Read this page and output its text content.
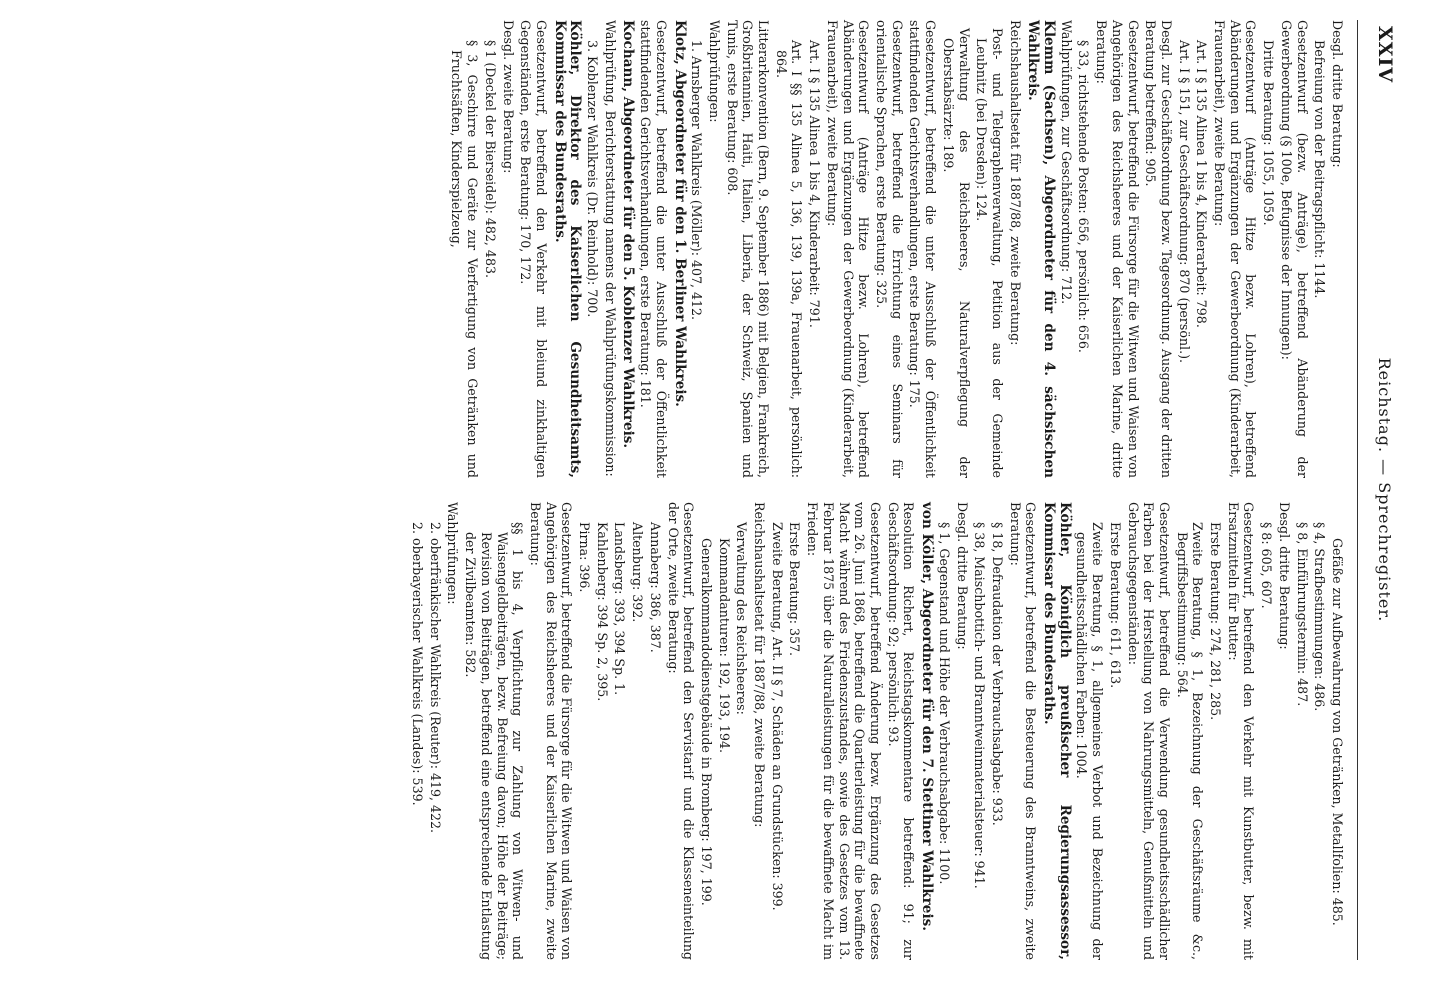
XXIV
Reichstag. — Sprechregister.
Desgl. dritte Beratung:
Befreiung von der Beitragspflicht: 1144.
Gesetzentwurf (bezw. Anträge), betreffend Abänderung der Gewerbeordnung (§ 100e, Befugnisse der Innungen):
Dritte Beratung: 1055, 1059.
Gesetzentwurf (Anträge Hitze bezw. Lohren), betreffend Abänderungen und Ergänzungen der Gewerbeordnung (Kinderarbeit, Frauenarbeit), zweite Beratung:
Art. I § 135 Alinea 1 bis 4, Kinderarbeit: 798.
Art. I § 151, zur Geschäftsordnung: 870 (persönl.).
Desgl. zur Geschäftsordnung bezw. Tagesordnung. Ausgang der dritten Beratung betreffend: 905.
Gesetzentwurf, betreffend die Fürsorge für die Witwen und Waisen von Angehörigen des Reichsheeres und der Kaiserlichen Marine, dritte Beratung:
§ 33, richtstehende Posten: 656, persönlich: 656.
Wahlprüfungen, zur Geschäftsordnung: 712.
Klemm (Sachsen), Abgeordneter für den 4. sächsischen Wahlkreis.
Reichshaushaltsetat für 1887/88, zweite Beratung:
Post- und Telegraphenverwaltung, Petition aus der Gemeinde Leubnitz (bei Dresden): 124.
Verwaltung des Reichsheeres, Naturalverpflegung der Oberstabsärzte: 189.
Gesetzentwurf, betreffend die unter Ausschluß der Öffentlichkeit stattfindenden Gerichtsverhandlungen, erste Beratung: 175.
Gesetzentwurf, betreffend die Errichtung eines Seminars für orientalische Sprachen, erste Beratung: 325.
Gesetzentwurf (Anträge Hitze bezw. Lohren), betreffend Abänderungen und Ergänzungen der Gewerbeordnung (Kinderarbeit, Frauenarbeit), zweite Beratung:
Art. I § 135 Alinea 1 bis 4, Kinderarbeit: 791.
Art. I §§ 135 Alinea 5, 136, 139, 139a, Frauenarbeit, persönlich: 864.
Litterarkonvention (Bern, 9. September 1886) mit Belgien, Frankreich, Großbritannien, Haiti, Italien, Liberia, der Schweiz, Spanien und Tunis, erste Beratung: 608.
Wahlprüfungen:
1. Arnsberger Wahlkreis (Möller): 407, 412.
Klotz, Abgeordneter für den 1. Berliner Wahlkreis.
Gesetzentwurf, betreffend die unter Ausschluß der Öffentlichkeit stattfindenden Gerichtsverhandlungen, erste Beratung: 181.
Kochann, Abgeordneter für den 5. Koblenzer Wahlkreis.
Wahlprüfung, Berichterstattung namens der Wahlprüfungskommission:
3. Koblenzer Wahlkreis (Dr. Reinhold): 700.
Köhler, Direktor des Kaiserlichen Gesundheitsamts, Kommissar des Bundesraths.
Gesetzentwurf, betreffend den Verkehr mit bleiund zinkhaltigen Gegenständen, erste Beratung: 170, 172.
Desgl. zweite Beratung:
§ 1 (Deckel der Bierseidel): 482, 483.
§ 3, Geschirre und Geräte zur Verfertigung von Getränken und Fruchtsäften, Kinderspielzeug,
Gefäße zur Aufbewahrung von Getränken, Metallfolien: 485.
§ 4, Strafbestimmungen: 486.
§ 8, Einführungstermin: 487.
Desgl. dritte Beratung:
§ 8: 605, 607.
Gesetzentwurf, betreffend den Verkehr mit Kunstbutter, bezw. mit Ersatzmitteln für Butter:
Erste Beratung: 274, 281, 285.
Zweite Beratung, § 1, Bezeichnung der Geschäftsräume &c., Begriffsbestimmung: 564.
Gesetzentwurf, betreffend die Verwendung gesundheitsschädlicher Farben bei der Herstellung von Nahrungsmitteln, Genußmitteln und Gebrauchsgegenständen:
Erste Beratung: 611, 613.
Zweite Beratung, § 1, allgemeines Verbot und Bezeichnung der gesundheitsschädlichen Farben: 1004.
Köhler, Königlich preußischer Regierungsassessor, Kommissar des Bundesraths.
Gesetzentwurf, betreffend die Besteuerung des Branntweins, zweite Beratung:
§ 18, Defraudation der Verbrauchsabgabe: 933.
§ 38, Maischbottich- und Branntweinmaterialsteuer: 941.
Desgl. dritte Beratung:
§ 1, Gegenstand und Höhe der Verbrauchsabgabe: 1100.
von Köller, Abgeordneter für den 7. Stettiner Wahlkreis.
Resolution Richert, Reichstagskommentare betreffend: 91; zur Geschäftsordnung: 92; persönlich: 93.
Gesetzentwurf, betreffend Änderung bezw. Ergänzung des Gesetzes vom 26. Juni 1868, betreffend die Quartierleistung für die bewaffnete Macht während des Friedenszustandes, sowie des Gesetzes vom 13. Februar 1875 über die Naturalleistungen für die bewaffnete Macht im Frieden:
Erste Beratung: 357.
Zweite Beratung, Art. II § 7, Schäden an Grundstücken: 399.
Reichshaushaltsetat für 1887/88, zweite Beratung:
Verwaltung des Reichsheeres:
Kommandanturen: 192, 193, 194.
Generalkommandodienstgebäude in Bromberg: 197, 199.
Gesetzentwurf, betreffend den Servistarif und die Klasseneinteilung der Orte, zweite Beratung:
Annaberg: 386, 387.
Altenburg: 392.
Landsberg: 393, 394 Sp. 1.
Kahlenberg: 394 Sp. 2, 395.
Pirna: 396.
Gesetzentwurf, betreffend die Fürsorge für die Witwen und Waisen von Angehörigen des Reichsheeres und der Kaiserlichen Marine, zweite Beratung:
§§ 1 bis 4, Verpflichtung zur Zahlung von Witwen- und Waisengeldbeiträgen, bezw. Befreiung davon; Höhe der Beiträge; Revision von Beiträgen, betreffend eine entsprechende Entlastung der Zivilbeamten: 582.
Wahlprüfungen:
2. oberfränkischer Wahlkreis (Reuter): 419, 422.
2. oberbayerischer Wahlkreis (Landes): 539.
